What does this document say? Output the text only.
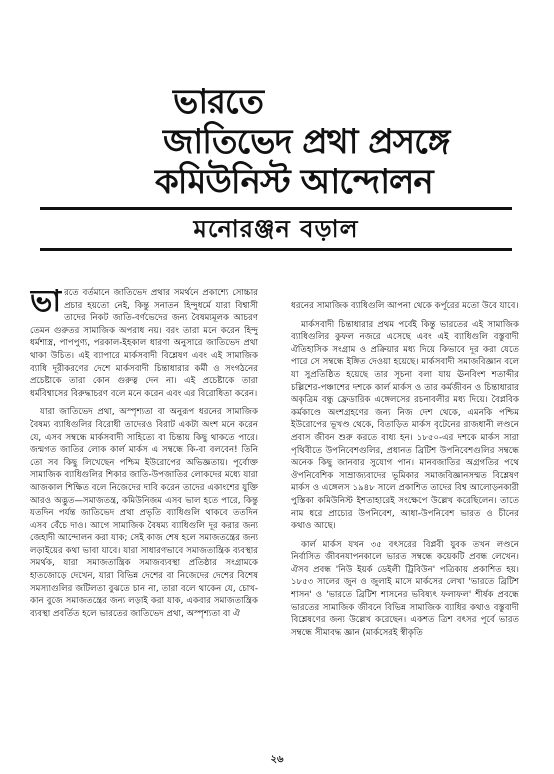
ভারতে
জাতিভেদ প্রথা প্রসঙ্গে
কমিউনিস্ট আন্দোলন
মনোরঞ্জন বড়াল

ভারতে বর্তমানে জাতিভেদ প্রথার সমর্থনে প্রকাশ্যে সোচ্চার প্রচার হয়তো নেই, কিন্তু সনাতন হিন্দুধর্মে যারা বিশ্বাসী তাদের নিকট জাতি-বর্ণভেদের জন্য বৈষম্যমূলক আচরণ তেমন গুরুতর সামাজিক অপরাধ নয়। বরং তারা মনে করেন হিন্দু ধর্মশাস্ত্র, পাপপুণ্য, পরকাল-ইহকাল ধারণা অনুসারে জাতিভেদ প্রথা থাকা উচিত। এই ব্যাপারে মার্কসবাদী বিশ্লেষণ এবং এই সামাজিক ব্যাধি দূরীকরণের দেশে মার্কসবাদী চিন্তাধারার কর্মী ও সংগঠনের প্রচেষ্টাকে তারা কোন গুরুত্ব দেন না। এই প্রচেষ্টাকে তারা ধর্মবিশ্বাসের বিরুদ্ধাচরণ বলে মনে করেন এবং এর বিরোধিতা করেন।

যারা জাতিভেদ প্রথা, অস্পৃশ্যতা বা অনুরূপ ধরনের সামাজিক বৈষম্য ব্যাধিগুলির বিরোধী তাদেরও বিরাট একটা অংশ মনে করেন যে, এসব সম্বন্ধে মার্কসবাদী সাহিত্যে বা চিন্তায় কিছু থাকতে পারে। জন্মগত জাতির লোক কার্ল মার্কস এ সম্বন্ধে কি-বা বলবেন! তিনি তো সব কিছু লিখেছেন পশ্চিম ইউরোপের অভিজ্ঞতায়। পূর্বোক্ত সামাজিক ব্যাধিগুলির শিকার জাতি-উপজাতির লোকদের মধ্যে যারা আজকাল শিক্ষিত বলে নিজেদের দাবি করেন তাদের একাংশের যুক্তি আরও অদ্ভুত—সমাজতন্ত্র, কমিউনিজম এসব ভাল হতে পারে, কিন্তু যতদিন পর্যন্ত জাতিভেদ প্রথা প্রভৃতি ব্যাধিগুলি থাকবে ততদিন এসব বেঁচে দাও। আগে সামাজিক বৈষম্য ব্যাধিগুলি দূর করার জন্য জেহাদী আন্দোলন করা যাক; সেই কাজ শেষ হলে সমাজতন্ত্রের জন্য লড়াইয়ের কথা ভাবা যাবে। যারা সাধারণভাবে সমাজতান্ত্রিক ব্যবস্থার সমর্থক, যারা সমাজতান্ত্রিক সমাজব্যবস্থা প্রতিষ্ঠার সংগ্রামকে হাতজোড়ে দেখেন, যারা বিভিন্ন দেশের বা নিজেদের দেশের বিশেষ সমস্যাগুলির জটিলতা বুঝতে চান না, তারা বলে থাকেন যে, চোখ-কান বুজে সমাজতন্ত্রের জন্য লড়াই করা যাক, একবার সমাজতান্ত্রিক ব্যবস্থা প্রবর্তিত হলে ভারতের জাতিভেদ প্রথা, অস্পৃশ্যতা বা ঐ

ধরনের সামাজিক ব্যাধিগুলি আপনা থেকে কর্পূরের মতো উবে যাবে।

মার্কসবাদী চিন্তাধারার প্রথম পর্বেই কিন্তু ভারতের এই সামাজিক ব্যাধিগুলির কুফল নজরে এসেছে এবং এই ব্যাধিগুলি বস্তুবাদী ঐতিহাসিক সংগ্রাম ও প্রক্রিয়ার মধ্য দিয়ে কিভাবে দূর করা যেতে পারে সে সম্বন্ধে ইঙ্গিত দেওয়া হয়েছে। মার্কসবাদী সমাজবিজ্ঞান বলে যা সুপ্রতিষ্ঠিত হয়েছে তার সূচনা বলা যায় ঊনবিংশ শতাব্দীর চল্লিশের-পঞ্চাশের দশকে কার্ল মার্কস ও তার কর্মজীবন ও চিন্তাধারার অকৃত্রিম বন্ধু ফ্রেডারিক এঙ্গেলসের রচনাবলীর মধ্য দিয়ে। বৈপ্লবিক কর্মকাণ্ডে অংশগ্রহণের জন্য নিজ দেশ থেকে, এমনকি পশ্চিম ইউরোপের ভূখণ্ড থেকে, বিতাড়িত মার্কস বৃটেনের রাজধানী লণ্ডনে প্রবাস জীবন শুরু করতে বাধ্য হন। ১৮৫০-এর দশকে মার্কস সারা পৃথিবীতে উপনিবেশগুলির, প্রধানত ব্রিটিশ উপনিবেশগুলির সম্বন্ধে অনেক কিছু জানবার সুযোগ পান। মানবজাতির অগ্রগতির পথে ঔপনিবেশিক সাম্রাজ্যবাদের ভূমিকার সমাজবিজ্ঞানসম্মত বিশ্লেষণ মার্কস ও এঙ্গেলস ১৯৪৮ সালে প্রকাশিত তাদের বিশ্ব আলোড়নকারী পুস্তিকা কমিউনিস্ট ইশতাহারেই সংক্ষেপে উল্লেখ করেছিলেন। তাতে নাম ধরে প্রাচ্যের উপনিবেশ, আধা-উপনিবেশ ভারত ও চীনের কথাও আছে।

কার্ল মার্কস যখন ৩৫ বৎসরের বিপ্লবী যুবক তখন লণ্ডনে নির্বাসিত জীবনযাপনকালে ভারত সম্বন্ধে কয়েকটি প্রবন্ধ লেখেন। ঐসব প্রবন্ধ 'নিউ ইয়র্ক ডেইলী ট্রিবিউন' পত্রিকায় প্রকাশিত হয়। ১৮৫৩ সালের জুন ও জুলাই মাসে মার্কসের লেখা 'ভারতে ব্রিটিশ শাসন' ও 'ভারতে ব্রিটিশ শাসনের ভবিষ্যৎ ফলাফল' শীর্ষক প্রবন্ধে ভারতের সামাজিক জীবনে বিভিন্ন সামাজিক ব্যাধির কথাও বস্তুবাদী বিশ্লেষণের জন্য উল্লেখ করেছেন। একশত ত্রিশ বৎসর পূর্বে ভারত সম্বন্ধে সীমাবদ্ধ জ্ঞান (মার্কসেরই স্বীকৃতি

২৬
